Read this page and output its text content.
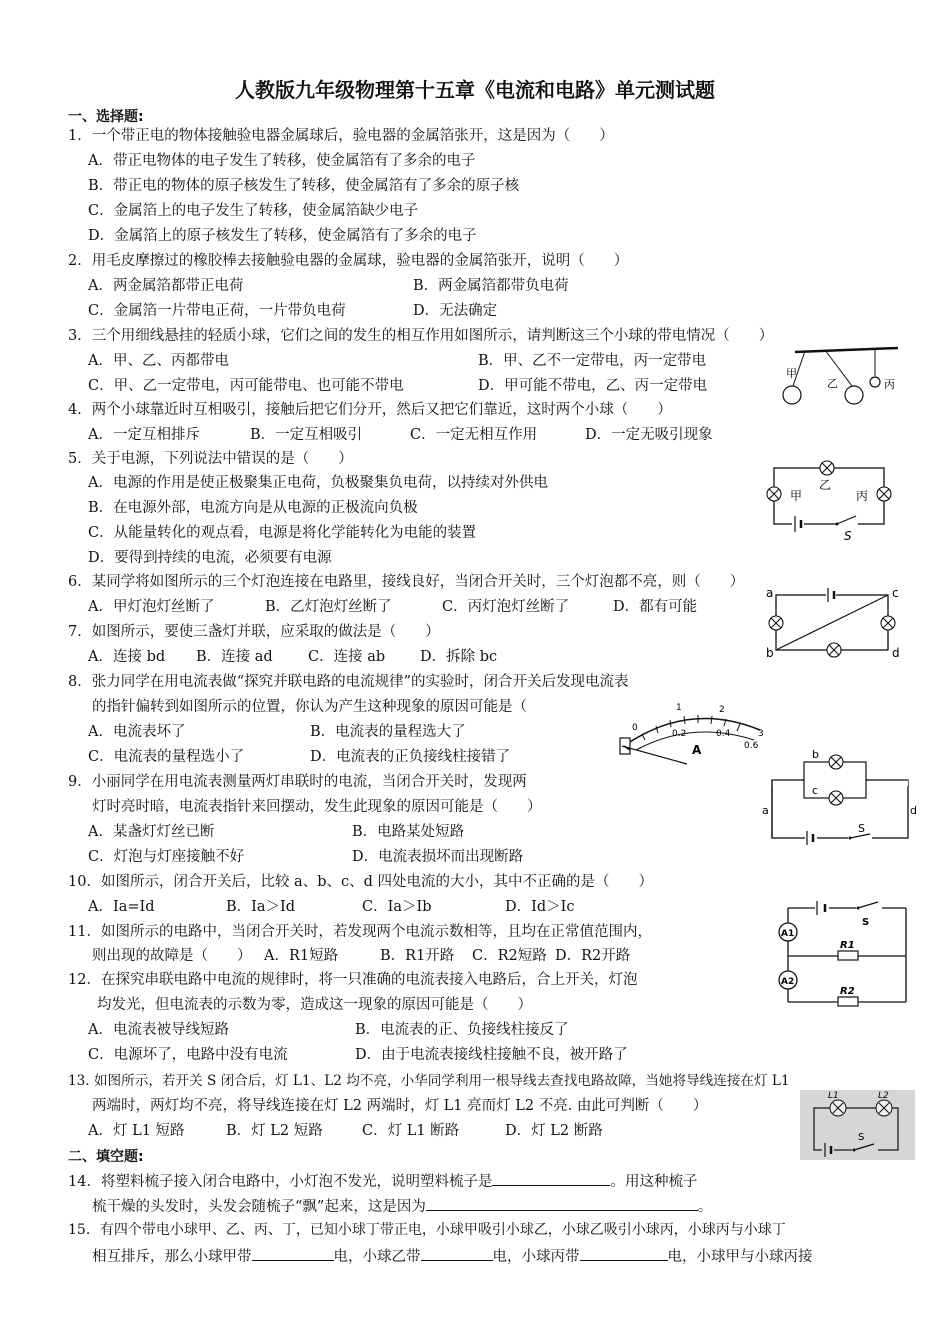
人教版九年级物理第十五章《电流和电路》单元测试题
一、选择题:
1．一个带正电的物体接触验电器金属球后，验电器的金属箔张开，这是因为（　　）
A．带正电物体的电子发生了转移，使金属箔有了多余的电子
B．带正电的物体的原子核发生了转移，使金属箔有了多余的原子核
C．金属箔上的电子发生了转移，使金属箔缺少电子
D．金属箔上的原子核发生了转移，使金属箔有了多余的电子
2．用毛皮摩擦过的橡胶棒去接触验电器的金属球，验电器的金属箔张开，说明（　　）
A．两金属箔都带正电荷	B．两金属箔都带负电荷
C．金属箔一片带电正荷，一片带负电荷	D．无法确定
3．三个用细线悬挂的轻质小球，它们之间的发生的相互作用如图所示，请判断这三个小球的带电情况（　　）
A．甲、乙、丙都带电	B．甲、乙不一定带电，丙一定带电
C．甲、乙一定带电，丙可能带电、也可能不带电	D．甲可能不带电，乙、丙一定带电
4．两个小球靠近时互相吸引，接触后把它们分开，然后又把它们靠近，这时两个小球（　　）
A．一定互相排斥	B．一定互相吸引	C．一定无相互作用	D．一定无吸引现象
5．关于电源，下列说法中错误的是（　　）
A．电源的作用是使正极聚集正电荷，负极聚集负电荷，以持续对外供电
B．在电源外部，电流方向是从电源的正极流向负极
C．从能量转化的观点看，电源是将化学能转化为电能的装置
D．要得到持续的电流，必须要有电源
6．某同学将如图所示的三个灯泡连接在电路里，接线良好，当闭合开关时，三个灯泡都不亮，则（　　）
A．甲灯泡灯丝断了	B．乙灯泡灯丝断了	C．丙灯泡灯丝断了	D．都有可能
7．如图所示，要使三盏灯并联，应采取的做法是（　　）
A．连接 bd B．连接 ad C．连接 ab D．拆除 bc
8．张力同学在用电流表做“探究并联电路的电流规律”的实验时，闭合开关后发现电流表
的指针偏转到如图所示的位置，你认为产生这种现象的原因可能是（
A．电流表坏了	B．电流表的量程选大了
C．电流表的量程选小了	D．电流表的正负接线柱接错了
9．小丽同学在用电流表测量两灯串联时的电流，当闭合开关时，发现两
灯时亮时暗，电流表指针来回摆动，发生此现象的原因可能是（　　）
A．某盏灯灯丝已断	B．电路某处短路
C．灯泡与灯座接触不好	D．电流表损坏而出现断路
10．如图所示，闭合开关后，比较 a、b、c、d 四处电流的大小，其中不正确的是（　　）
A．Ia=Id	B．Ia＞Id	C．Ia＞Ib	D．Id＞Ic
11．如图所示的电路中，当闭合开关时，若发现两个电流示数相等，且均在正常值范围内，
则出现的故障是（　　） A．R1短路	B．R1开路 C．R2短路 D．R2开路
12．在探究串联电路中电流的规律时，将一只准确的电流表接入电路后，合上开关，灯泡
均发光，但电流表的示数为零，造成这一现象的原因可能是（　　）
A．电流表被导线短路	B．电流表的正、负接线柱接反了
C．电源坏了，电路中没有电流	D．由于电流表接线柱接触不良，被开路了
13. 如图所示，若开关 S 闭合后，灯 L1、L2 均不亮，小华同学利用一根导线去查找电路故障，当她将导线连接在灯 L1
两端时，两灯均不亮，将导线连接在灯 L2 两端时，灯 L1 亮而灯 L2 不亮. 由此可判断（　　）
A．灯 L1 短路	B．灯 L2 短路	C．灯 L1 断路	D．灯 L2 断路
二、填空题:
14．将塑料梳子接入闭合电路中，小灯泡不发光，说明塑料梳子是	。用这种梳子
梳干燥的头发时，头发会随梳子“飘”起来，这是因为	。
15．有四个带电小球甲、乙、丙、丁，已知小球丁带正电，小球甲吸引小球乙，小球乙吸引小球丙，小球丙与小球丁
相互排斥，那么小球甲带	电，小球乙带	电，小球丙带	电，小球甲与小球丙接
甲
乙	丙
乙
甲	丙
S
a
b
c
d
0
1	2
3
0.2	0.4
0.6
A
a
b
c
d
S
A1
A2
R1
R2
S
L1	L2
S
